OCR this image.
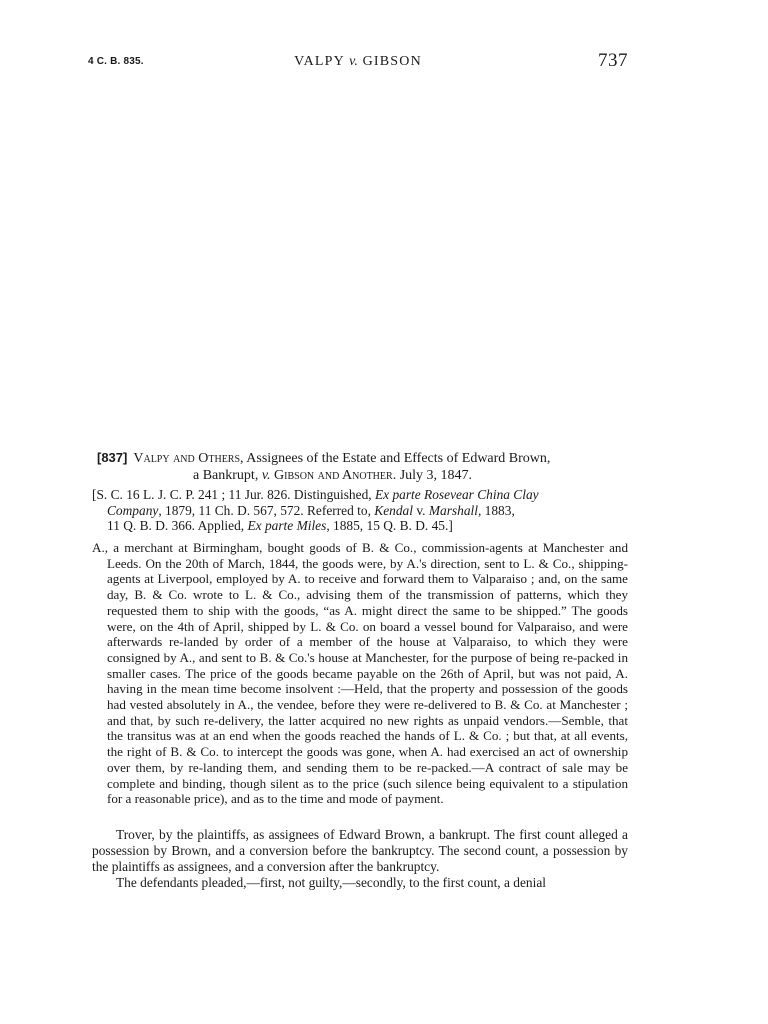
4 C. B. 835.	VALPY v. GIBSON	737
[837] Valpy and Others, Assignees of the Estate and Effects of Edward Brown,
a Bankrupt, v. Gibson and Another. July 3, 1847.
[S. C. 16 L. J. C. P. 241 ; 11 Jur. 826. Distinguished, Ex parte Rosevear China Clay
Company, 1879, 11 Ch. D. 567, 572. Referred to, Kendal v. Marshall, 1883,
11 Q. B. D. 366. Applied, Ex parte Miles, 1885, 15 Q. B. D. 45.]

A., a merchant at Birmingham, bought goods of B. & Co., commission-agents at Manchester and Leeds. On the 20th of March, 1844, the goods were, by A.'s direction, sent to L. & Co., shipping-agents at Liverpool, employed by A. to receive and forward them to Valparaiso ; and, on the same day, B. & Co. wrote to L. & Co., advising them of the transmission of patterns, which they requested them to ship with the goods, “as A. might direct the same to be shipped.” The goods were, on the 4th of April, shipped by L. & Co. on board a vessel bound for Valparaiso, and were afterwards re-landed by order of a member of the house at Valparaiso, to which they were consigned by A., and sent to B. & Co.'s house at Manchester, for the purpose of being re-packed in smaller cases. The price of the goods became payable on the 26th of April, but was not paid, A. having in the mean time become insolvent :—Held, that the property and possession of the goods had vested absolutely in A., the vendee, before they were re-delivered to B. & Co. at Manchester ; and that, by such re-delivery, the latter acquired no new rights as unpaid vendors.—Semble, that the transitus was at an end when the goods reached the hands of L. & Co. ; but that, at all events, the right of B. & Co. to intercept the goods was gone, when A. had exercised an act of ownership over them, by re-landing them, and sending them to be re-packed.—A contract of sale may be complete and binding, though silent as to the price (such silence being equivalent to a stipulation for a reasonable price), and as to the time and mode of payment.

Trover, by the plaintiffs, as assignees of Edward Brown, a bankrupt. The first count alleged a possession by Brown, and a conversion before the bankruptcy. The second count, a possession by the plaintiffs as assignees, and a conversion after the bankruptcy.

The defendants pleaded,—first, not guilty,—secondly, to the first count, a denial
